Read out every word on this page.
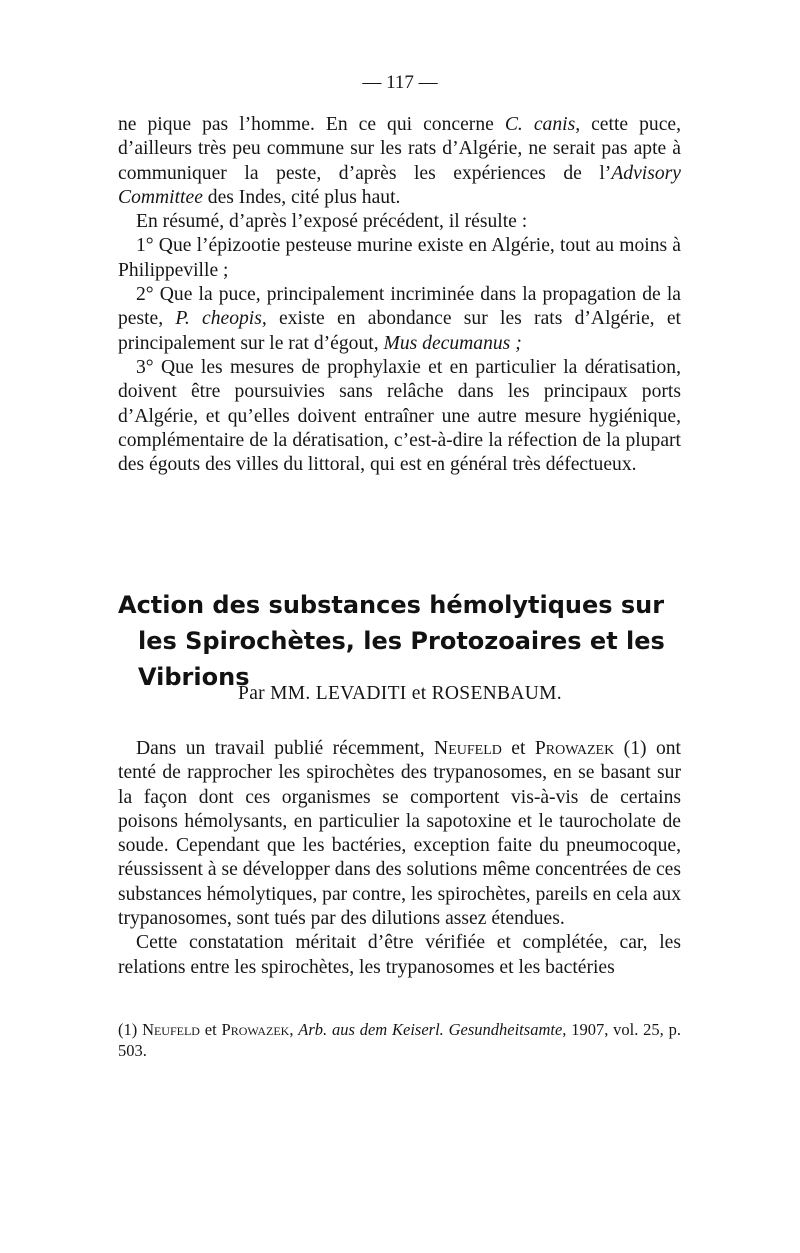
— 117 —

ne pique pas l’homme. En ce qui concerne C. canis, cette puce, d’ailleurs très peu commune sur les rats d’Algérie, ne serait pas apte à communiquer la peste, d’après les expériences de l’Advisory Committee des Indes, cité plus haut.

En résumé, d’après l’exposé précédent, il résulte :

1° Que l’épizootie pesteuse murine existe en Algérie, tout au moins à Philippeville ;

2° Que la puce, principalement incriminée dans la propagation de la peste, P. cheopis, existe en abondance sur les rats d’Algérie, et principalement sur le rat d’égout, Mus decumanus ;

3° Que les mesures de prophylaxie et en particulier la dératisation, doivent être poursuivies sans relâche dans les principaux ports d’Algérie, et qu’elles doivent entraîner une autre mesure hygiénique, complémentaire de la dératisation, c’est-à-dire la réfection de la plupart des égouts des villes du littoral, qui est en général très défectueux.

Action des substances hémolytiques sur
les Spirochètes, les Protozoaires et les Vibrions
Par MM. LEVADITI et ROSENBAUM.

Dans un travail publié récemment, Neufeld et Prowazek (1) ont tenté de rapprocher les spirochètes des trypanosomes, en se basant sur la façon dont ces organismes se comportent vis-à-vis de certains poisons hémolysants, en particulier la sapotoxine et le taurocholate de soude. Cependant que les bactéries, exception faite du pneumocoque, réussissent à se développer dans des solutions même concentrées de ces substances hémolytiques, par contre, les spirochètes, pareils en cela aux trypanosomes, sont tués par des dilutions assez étendues.

Cette constatation méritait d’être vérifiée et complétée, car, les relations entre les spirochètes, les trypanosomes et les bactéries

(1) Neufeld et Prowazek, Arb. aus dem Keiserl. Gesundheitsamte, 1907, vol. 25, p. 503.
